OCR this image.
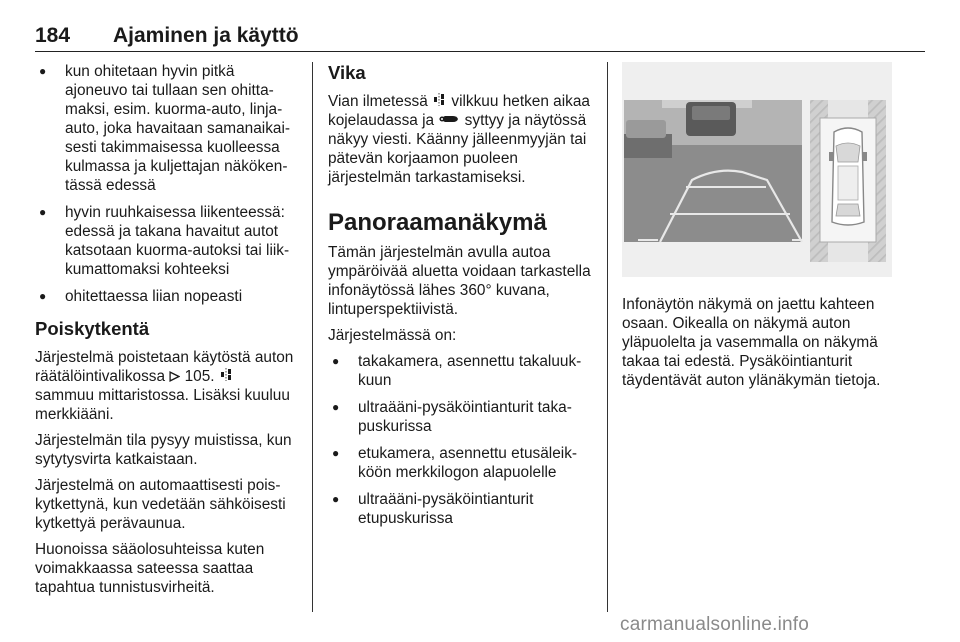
184 Ajaminen ja käyttö
● kun ohitetaan hyvin pitkä ajoneuvo tai tullaan sen ohittamaksi, esim. kuorma-auto, linja-auto, joka havaitaan samanaikaisesti takimmaisessa kuolleessa kulmassa ja kuljettajan näkökentässä edessä
● hyvin ruuhkaisessa liikenteessä: edessä ja takana havaitut autot katsotaan kuorma-autoksi tai liikkumattomaksi kohteeksi
● ohitettaessa liian nopeasti
Poiskytkentä

Järjestelmä poistetaan käytöstä auton räätälöintivalikossa 105.  sammuu mittaristossa. Lisäksi kuuluu merkkiääni.

Järjestelmän tila pysyy muistissa, kun sytytysvirta katkaistaan.

Järjestelmä on automaattisesti poiskytkettynä, kun vedetään sähköisesti kytkettyä perävaunua.

Huonoissa sääolosuhteissa kuten voimakkaassa sateessa saattaa tapahtua tunnistusvirheitä.

Vika

Vian ilmetessä vilkkuu hetken aikaa kojelaudassa ja syttyy ja näytössä näkyy viesti. Käänny jälleenmyyjän tai pätevän korjaamon puoleen järjestelmän tarkastamiseksi.

Panoraamanäkymä

Tämän järjestelmän avulla autoa ympäröivää aluetta voidaan tarkastella infonäytössä lähes 360° kuvana, lintuperspektiivistä.

Järjestelmässä on:

● takakamera, asennettu takaluukkuun
● ultraääni-pysäköintianturit takapuskurissa
● etukamera, asennettu etusäleikköön merkkilogon alapuolelle
● ultraääni-pysäköintianturit etupuskurissa

Infonäytön näkymä on jaettu kahteen osaan. Oikealla on näkymä auton yläpuolelta ja vasemmalla on näkymä takaa tai edestä. Pysäköintianturit täydentävät auton ylänäkymän tietoja.

carmanualsonline.info
